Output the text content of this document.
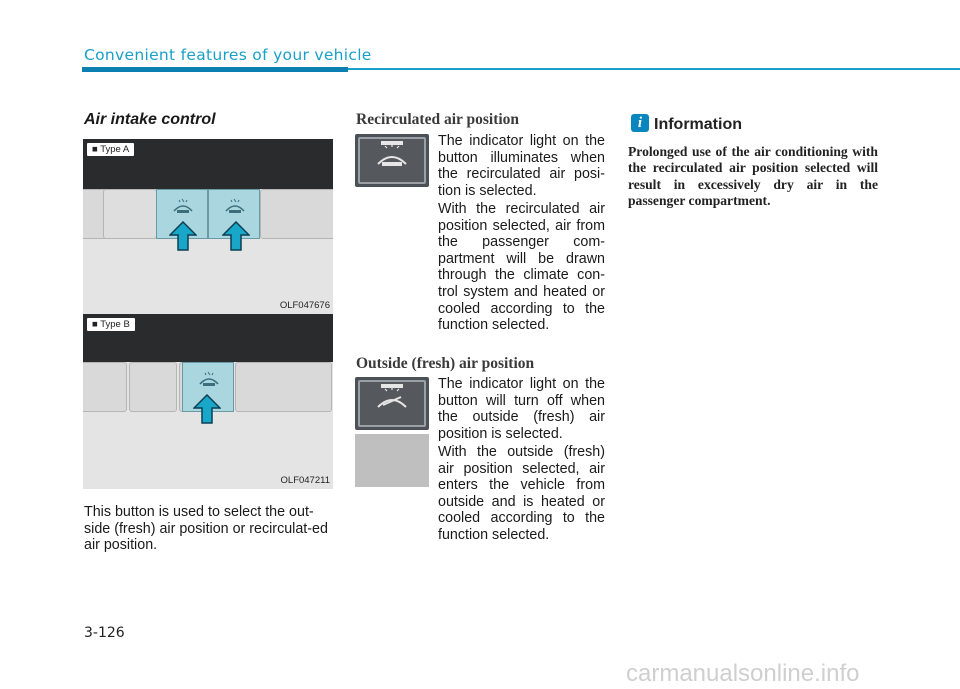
Convenient features of your vehicle
Air intake control
■ Type A
OLF047676
■ Type B
OLF047211
This button is used to select the out-side (fresh) air position or recirculat-ed air position.
Recirculated air position
The indicator light on the button illuminates when the recirculated air posi-tion is selected.
With the recirculated air position selected, air from the passenger com-partment will be drawn through the climate con-trol system and heated or cooled according to the function selected.
Outside (fresh) air position
The indicator light on the button will turn off when the outside (fresh) air position is selected.
With the outside (fresh) air position selected, air enters the vehicle from outside and is heated or cooled according to the function selected.
i Information
Prolonged use of the air conditioning with the recirculated air position selected will result in excessively dry air in the passenger compartment.
3-126
carmanualsonline.info
